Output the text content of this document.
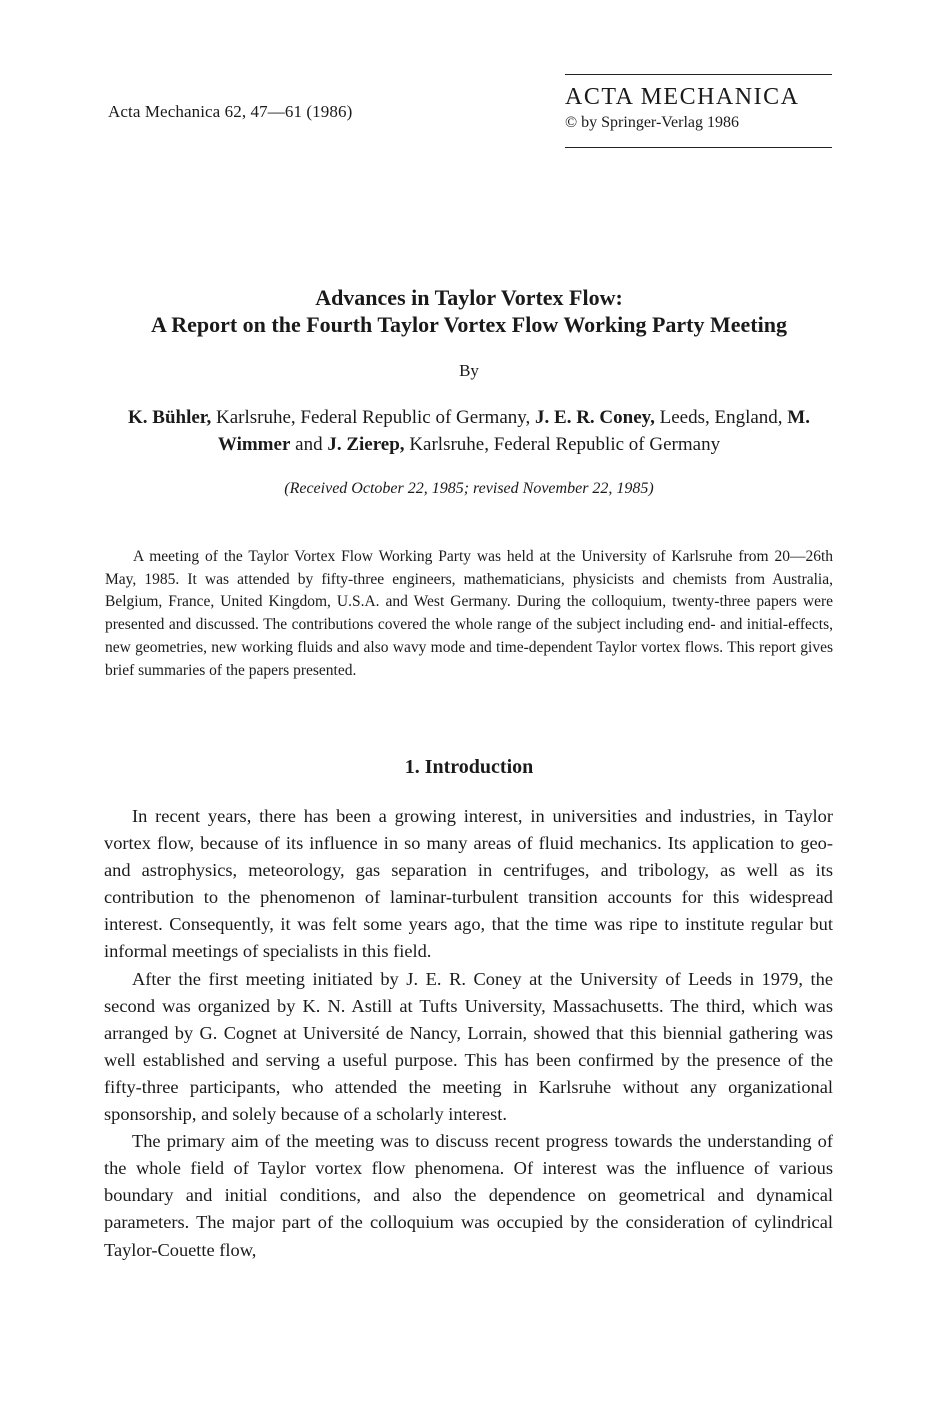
Acta Mechanica 62, 47—61 (1986)
ACTA MECHANICA
© by Springer-Verlag 1986
Advances in Taylor Vortex Flow:
A Report on the Fourth Taylor Vortex Flow Working Party Meeting
By
K. Bühler, Karlsruhe, Federal Republic of Germany, J. E. R. Coney, Leeds, England, M. Wimmer and J. Zierep, Karlsruhe, Federal Republic of Germany
(Received October 22, 1985; revised November 22, 1985)

A meeting of the Taylor Vortex Flow Working Party was held at the University of Karlsruhe from 20—26th May, 1985. It was attended by fifty-three engineers, mathematicians, physicists and chemists from Australia, Belgium, France, United Kingdom, U.S.A. and West Germany. During the colloquium, twenty-three papers were presented and discussed. The contributions covered the whole range of the subject including end- and initial-effects, new geometries, new working fluids and also wavy mode and time-dependent Taylor vortex flows. This report gives brief summaries of the papers presented.

1. Introduction

In recent years, there has been a growing interest, in universities and industries, in Taylor vortex flow, because of its influence in so many areas of fluid mechanics. Its application to geo- and astrophysics, meteorology, gas separation in centrifuges, and tribology, as well as its contribution to the phenomenon of laminar-turbulent transition accounts for this widespread interest. Consequently, it was felt some years ago, that the time was ripe to institute regular but informal meetings of specialists in this field.

After the first meeting initiated by J. E. R. Coney at the University of Leeds in 1979, the second was organized by K. N. Astill at Tufts University, Massachusetts. The third, which was arranged by G. Cognet at Université de Nancy, Lorrain, showed that this biennial gathering was well established and serving a useful purpose. This has been confirmed by the presence of the fifty-three participants, who attended the meeting in Karlsruhe without any organizational sponsorship, and solely because of a scholarly interest.

The primary aim of the meeting was to discuss recent progress towards the understanding of the whole field of Taylor vortex flow phenomena. Of interest was the influence of various boundary and initial conditions, and also the dependence on geometrical and dynamical parameters. The major part of the colloquium was occupied by the consideration of cylindrical Taylor-Couette flow,
